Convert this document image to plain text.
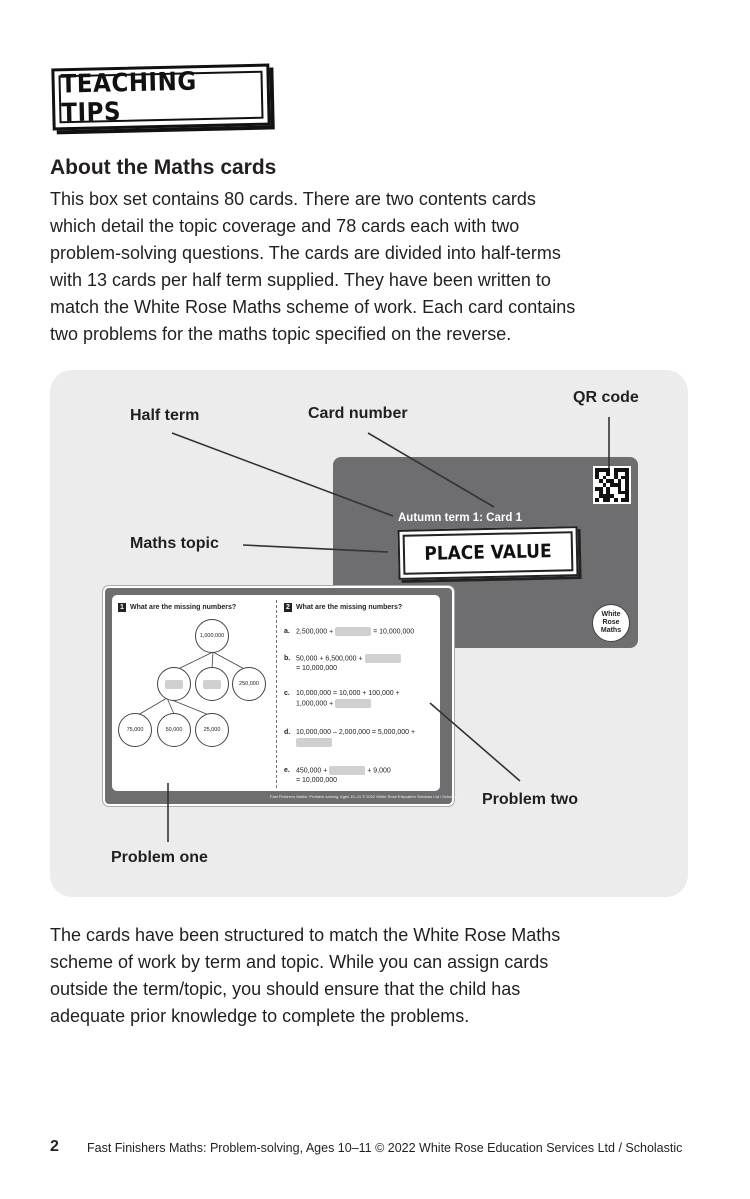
TEACHING TIPS
About the Maths cards
This box set contains 80 cards. There are two contents cards
which detail the topic coverage and 78 cards each with two
problem-solving questions. The cards are divided into half-terms
with 13 cards per half term supplied. They have been written to
match the White Rose Maths scheme of work. Each card contains
two problems for the maths topic specified on the reverse.
Autumn term 1: Card 1
PLACE VALUE
White
Rose
Maths
1 What are the missing numbers?
1,000,000
250,000
75,000	50,000	25,000
2 What are the missing numbers?
a. 2,500,000 +	= 10,000,000
b. 50,000 + 6,500,000 +
= 10,000,000
c. 10,000,000 = 10,000 + 100,000 +
1,000,000 +
d. 10,000,000 – 2,000,000 = 5,000,000 +
e. 450,000 +	+ 9,000
= 10,000,000
Fast Finishers Maths: Problem-solving, Ages 10–11 © 2022 White Rose Education Services Ltd / Scholastic
Half term	Card number
QR code
Maths topic
Problem one
Problem two
The cards have been structured to match the White Rose Maths
scheme of work by term and topic. While you can assign cards
outside the term/topic, you should ensure that the child has
adequate prior knowledge to complete the problems.
2 Fast Finishers Maths: Problem-solving, Ages 10–11 © 2022 White Rose Education Services Ltd / Scholastic
